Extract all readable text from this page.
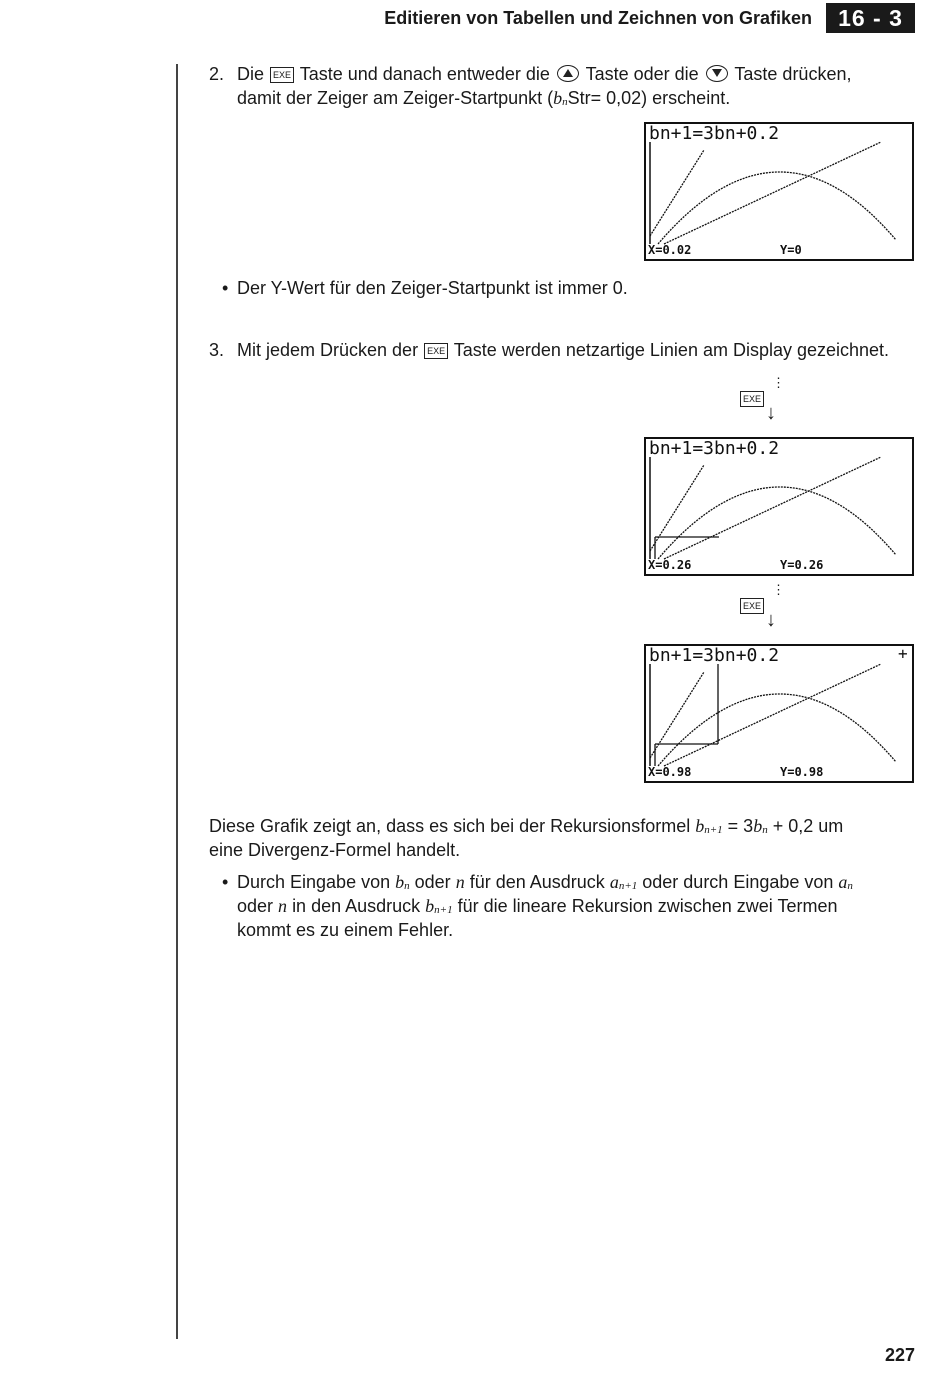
Editieren von Tabellen und Zeichnen von Grafiken	16 - 3
2. Die EXE Taste und danach entweder die Taste oder die Taste drücken,
damit der Zeiger am Zeiger-Startpunkt (bnStr= 0,02) erscheint.
bn+1=3bn+0.2
X=0.02	Y=0
• Der Y-Wert für den Zeiger-Startpunkt ist immer 0.
3. Mit jedem Drücken der EXE Taste werden netzartige Linien am Display gezeichnet.
⋮
EXE
↓
bn+1=3bn+0.2
X=0.26	Y=0.26
⋮
EXE
↓
bn+1=3bn+0.2	+
X=0.98	Y=0.98
Diese Grafik zeigt an, dass es sich bei der Rekursionsformel bn+1 = 3bn + 0,2 um
eine Divergenz-Formel handelt.
• Durch Eingabe von bn oder n für den Ausdruck an+1 oder durch Eingabe von an
oder n in den Ausdruck bn+1 für die lineare Rekursion zwischen zwei Termen
kommt es zu einem Fehler.
227
